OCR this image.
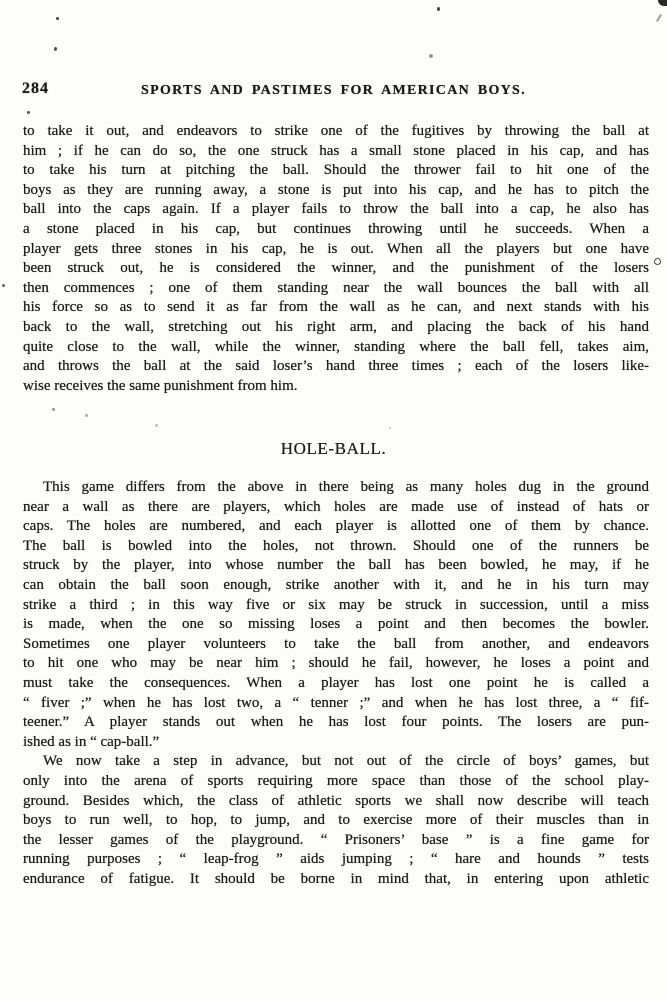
284	SPORTS AND PASTIMES FOR AMERICAN BOYS.
to take it out, and endeavors to strike one of the fugitives by throwing the ball at
him ; if he can do so, the one struck has a small stone placed in his cap, and has
to take his turn at pitching the ball. Should the thrower fail to hit one of the
boys as they are running away, a stone is put into his cap, and he has to pitch the
ball into the caps again. If a player fails to throw the ball into a cap, he also has
a stone placed in his cap, but continues throwing until he succeeds. When a
player gets three stones in his cap, he is out. When all the players but one have
been struck out, he is considered the winner, and the punishment of the losers
then commences ; one of them standing near the wall bounces the ball with all
his force so as to send it as far from the wall as he can, and next stands with his
back to the wall, stretching out his right arm, and placing the back of his hand
quite close to the wall, while the winner, standing where the ball fell, takes aim,
and throws the ball at the said loser’s hand three times ; each of the losers like-
wise receives the same punishment from him.
HOLE-BALL.
This game differs from the above in there being as many holes dug in the ground
near a wall as there are players, which holes are made use of instead of hats or
caps. The holes are numbered, and each player is allotted one of them by chance.
The ball is bowled into the holes, not thrown. Should one of the runners be
struck by the player, into whose number the ball has been bowled, he may, if he
can obtain the ball soon enough, strike another with it, and he in his turn may
strike a third ; in this way five or six may be struck in succession, until a miss
is made, when the one so missing loses a point and then becomes the bowler.
Sometimes one player volunteers to take the ball from another, and endeavors
to hit one who may be near him ; should he fail, however, he loses a point and
must take the consequences. When a player has lost one point he is called a
“ fiver ;” when he has lost two, a “ tenner ;” and when he has lost three, a “ fif-
teener.” A player stands out when he has lost four points. The losers are pun-
ished as in “ cap-ball.”
We now take a step in advance, but not out of the circle of boys’ games, but
only into the arena of sports requiring more space than those of the school play-
ground. Besides which, the class of athletic sports we shall now describe will teach
boys to run well, to hop, to jump, and to exercise more of their muscles than in
the lesser games of the playground. “ Prisoners’ base ” is a fine game for
running purposes ; “ leap-frog ” aids jumping ; “ hare and hounds ” tests
endurance of fatigue. It should be borne in mind that, in entering upon athletic
